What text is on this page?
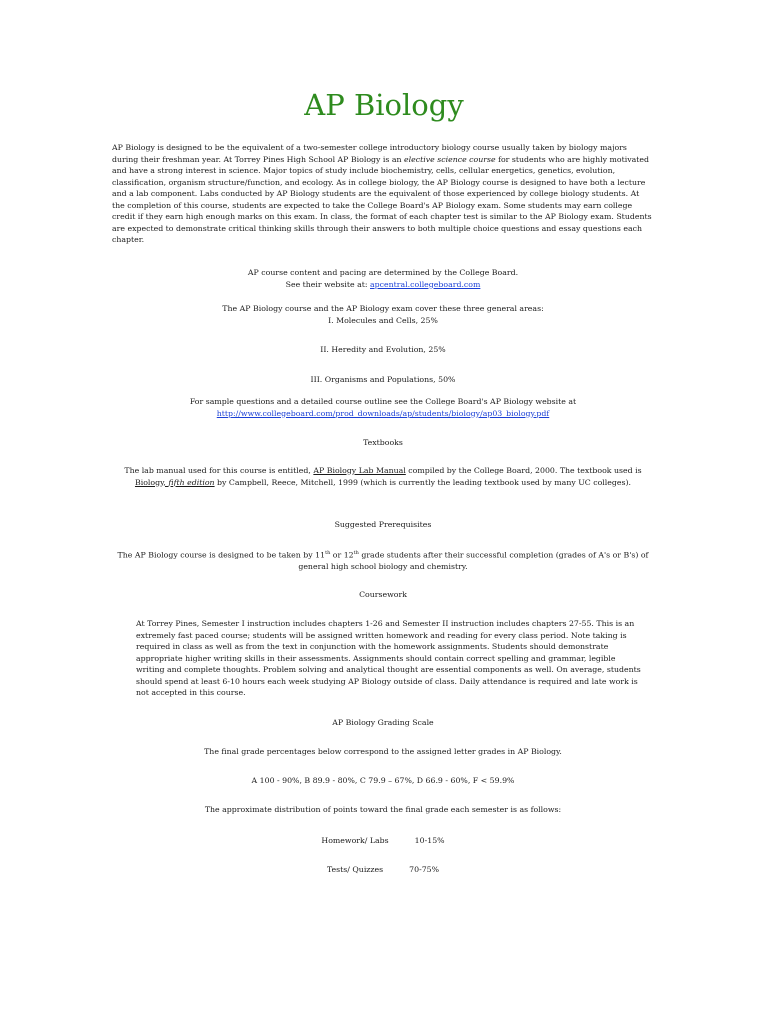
AP Biology
AP Biology is designed to be the equivalent of a two-semester college introductory biology course usually taken by biology majors during their freshman year. At Torrey Pines High School AP Biology is an elective science course for students who are highly motivated and have a strong interest in science. Major topics of study include biochemistry, cells, cellular energetics, genetics, evolution, classification, organism structure/function, and ecology. As in college biology, the AP Biology course is designed to have both a lecture and a lab component. Labs conducted by AP Biology students are the equivalent of those experienced by college biology students. At the completion of this course, students are expected to take the College Board's AP Biology exam. Some students may earn college credit if they earn high enough marks on this exam. In class, the format of each chapter test is similar to the AP Biology exam. Students are expected to demonstrate critical thinking skills through their answers to both multiple choice questions and essay questions each chapter.
AP course content and pacing are determined by the College Board.
See their website at: apcentral.collegeboard.com
The AP Biology course and the AP Biology exam cover these three general areas:
I. Molecules and Cells, 25%
II. Heredity and Evolution, 25%
III. Organisms and Populations, 50%
For sample questions and a detailed course outline see the College Board's AP Biology website at
http://www.collegeboard.com/prod_downloads/ap/students/biology/ap03_biology.pdf
Textbooks
The lab manual used for this course is entitled, AP Biology Lab Manual compiled by the College Board, 2000. The textbook used is Biology, fifth edition by Campbell, Reece, Mitchell, 1999 (which is currently the leading textbook used by many UC colleges).
Suggested Prerequisites
The AP Biology course is designed to be taken by 11th or 12th grade students after their successful completion (grades of A's or B's) of general high school biology and chemistry.
Coursework
At Torrey Pines, Semester I instruction includes chapters 1-26 and Semester II instruction includes chapters 27-55. This is an extremely fast paced course; students will be assigned written homework and reading for every class period. Note taking is required in class as well as from the text in conjunction with the homework assignments. Students should demonstrate appropriate higher writing skills in their assessments. Assignments should contain correct spelling and grammar, legible writing and complete thoughts. Problem solving and analytical thought are essential components as well. On average, students should spend at least 6-10 hours each week studying AP Biology outside of class. Daily attendance is required and late work is not accepted in this course.
AP Biology Grading Scale
The final grade percentages below correspond to the assigned letter grades in AP Biology.
A 100 - 90%, B 89.9 - 80%, C 79.9 – 67%, D 66.9 - 60%, F < 59.9%
The approximate distribution of points toward the final grade each semester is as follows:
Homework/ Labs	10-15%
Tests/ Quizzes	70-75%
